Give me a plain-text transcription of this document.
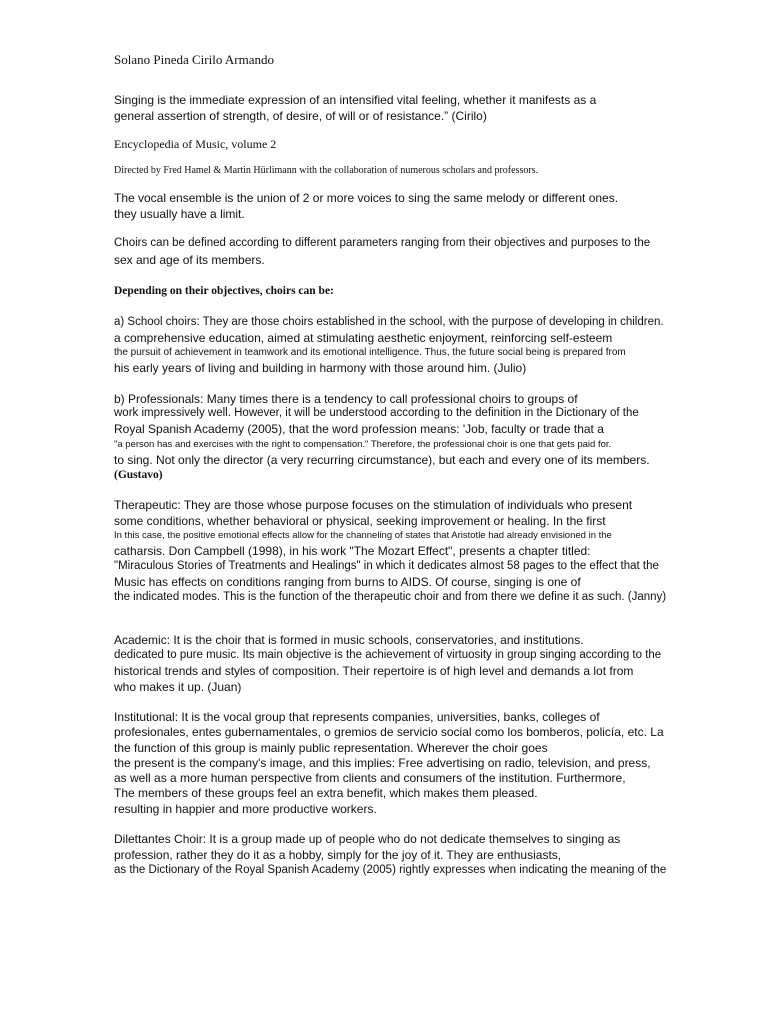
Solano Pineda Cirilo Armando

Singing is the immediate expression of an intensified vital feeling, whether it manifests as a

general assertion of strength, of desire, of will or of resistance.” (Cirilo)

Encyclopedia of Music, volume 2

Directed by Fred Hamel & Martin Hürlimann with the collaboration of numerous scholars and professors.

The vocal ensemble is the union of 2 or more voices to sing the same melody or different ones.

they usually have a limit.

Choirs can be defined according to different parameters ranging from their objectives and purposes to the

sex and age of its members.

Depending on their objectives, choirs can be:

a) School choirs: They are those choirs established in the school, with the purpose of developing in children.

a comprehensive education, aimed at stimulating aesthetic enjoyment, reinforcing self-esteem

the pursuit of achievement in teamwork and its emotional intelligence. Thus, the future social being is prepared from

his early years of living and building in harmony with those around him. (Julio)

b) Professionals: Many times there is a tendency to call professional choirs to groups of

work impressively well. However, it will be understood according to the definition in the Dictionary of the

Royal Spanish Academy (2005), that the word profession means: 'Job, faculty or trade that a

"a person has and exercises with the right to compensation." Therefore, the professional choir is one that gets paid for.

to sing. Not only the director (a very recurring circumstance), but each and every one of its members.

(Gustavo)

Therapeutic: They are those whose purpose focuses on the stimulation of individuals who present

some conditions, whether behavioral or physical, seeking improvement or healing. In the first

In this case, the positive emotional effects allow for the channeling of states that Aristotle had already envisioned in the

catharsis. Don Campbell (1998), in his work "The Mozart Effect", presents a chapter titled:

"Miraculous Stories of Treatments and Healings" in which it dedicates almost 58 pages to the effect that the

Music has effects on conditions ranging from burns to AIDS. Of course, singing is one of

the indicated modes. This is the function of the therapeutic choir and from there we define it as such. (Janny)

Academic: It is the choir that is formed in music schools, conservatories, and institutions.

dedicated to pure music. Its main objective is the achievement of virtuosity in group singing according to the

historical trends and styles of composition. Their repertoire is of high level and demands a lot from

who makes it up. (Juan)

Institutional: It is the vocal group that represents companies, universities, banks, colleges of

profesionales, entes gubernamentales, o gremios de servicio social como los bomberos, policía, etc. La

the function of this group is mainly public representation. Wherever the choir goes

the present is the company's image, and this implies: Free advertising on radio, television, and press,

as well as a more human perspective from clients and consumers of the institution. Furthermore,

The members of these groups feel an extra benefit, which makes them pleased.

resulting in happier and more productive workers.

Dilettantes Choir: It is a group made up of people who do not dedicate themselves to singing as

profession, rather they do it as a hobby, simply for the joy of it. They are enthusiasts,

as the Dictionary of the Royal Spanish Academy (2005) rightly expresses when indicating the meaning of the
